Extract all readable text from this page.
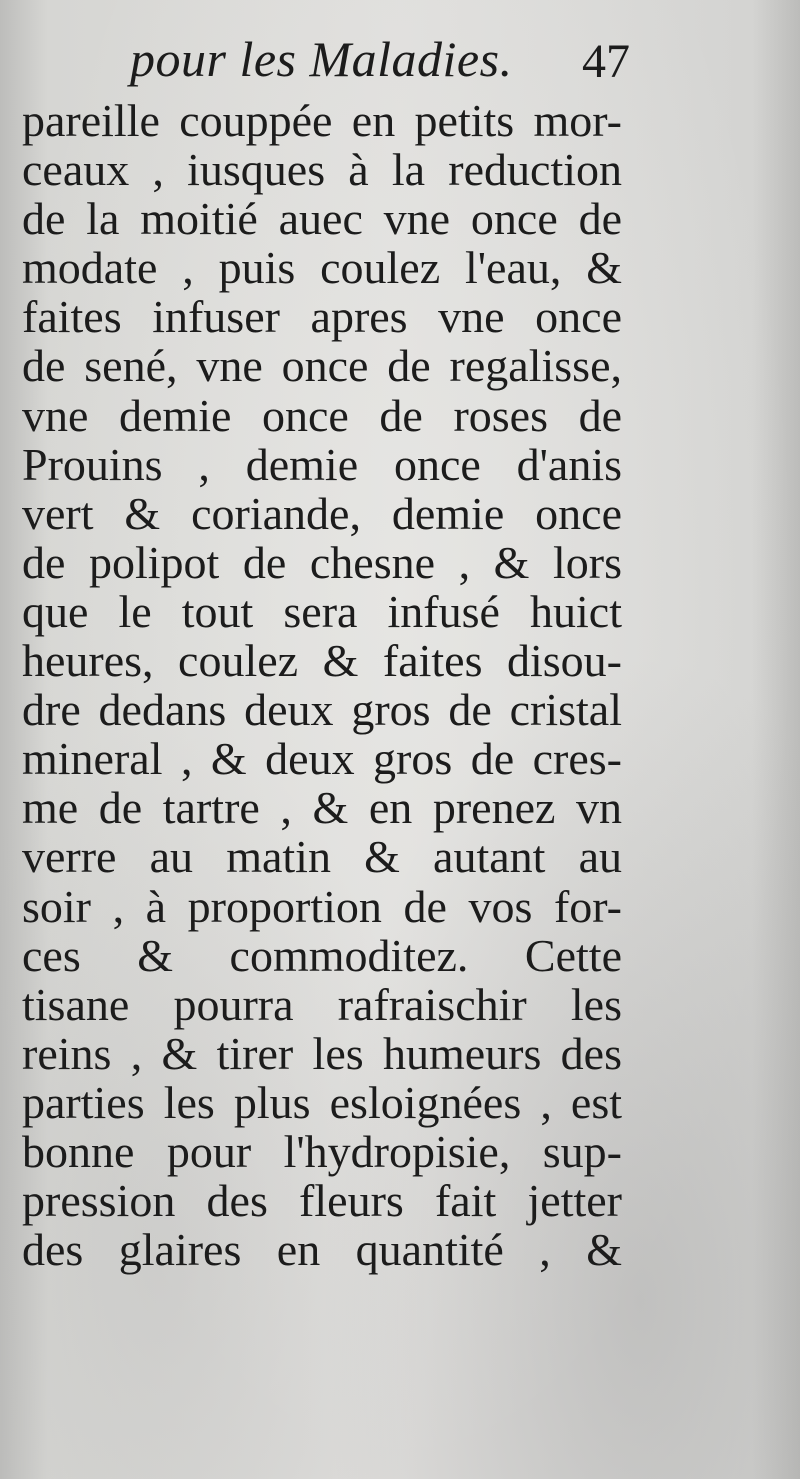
pour les Maladies. 47
pareille couppée en petits mor-
ceaux , iusques à la reduction
de la moitié auec vne once de
modate , puis coulez l'eau, &
faites infuser apres vne once
de sené, vne once de regalisse,
vne demie once de roses de
Prouins , demie once d'anis
vert & coriande, demie once
de polipot de chesne , & lors
que le tout sera infusé huict
heures, coulez & faites disou-
dre dedans deux gros de cristal
mineral , & deux gros de cres-
me de tartre , & en prenez vn
verre au matin & autant au
soir , à proportion de vos for-
ces & commoditez. Cette
tisane pourra rafraischir les
reins , & tirer les humeurs des
parties les plus esloignées , est
bonne pour l'hydropisie, sup-
pression des fleurs fait jetter
des glaires en quantité , &
